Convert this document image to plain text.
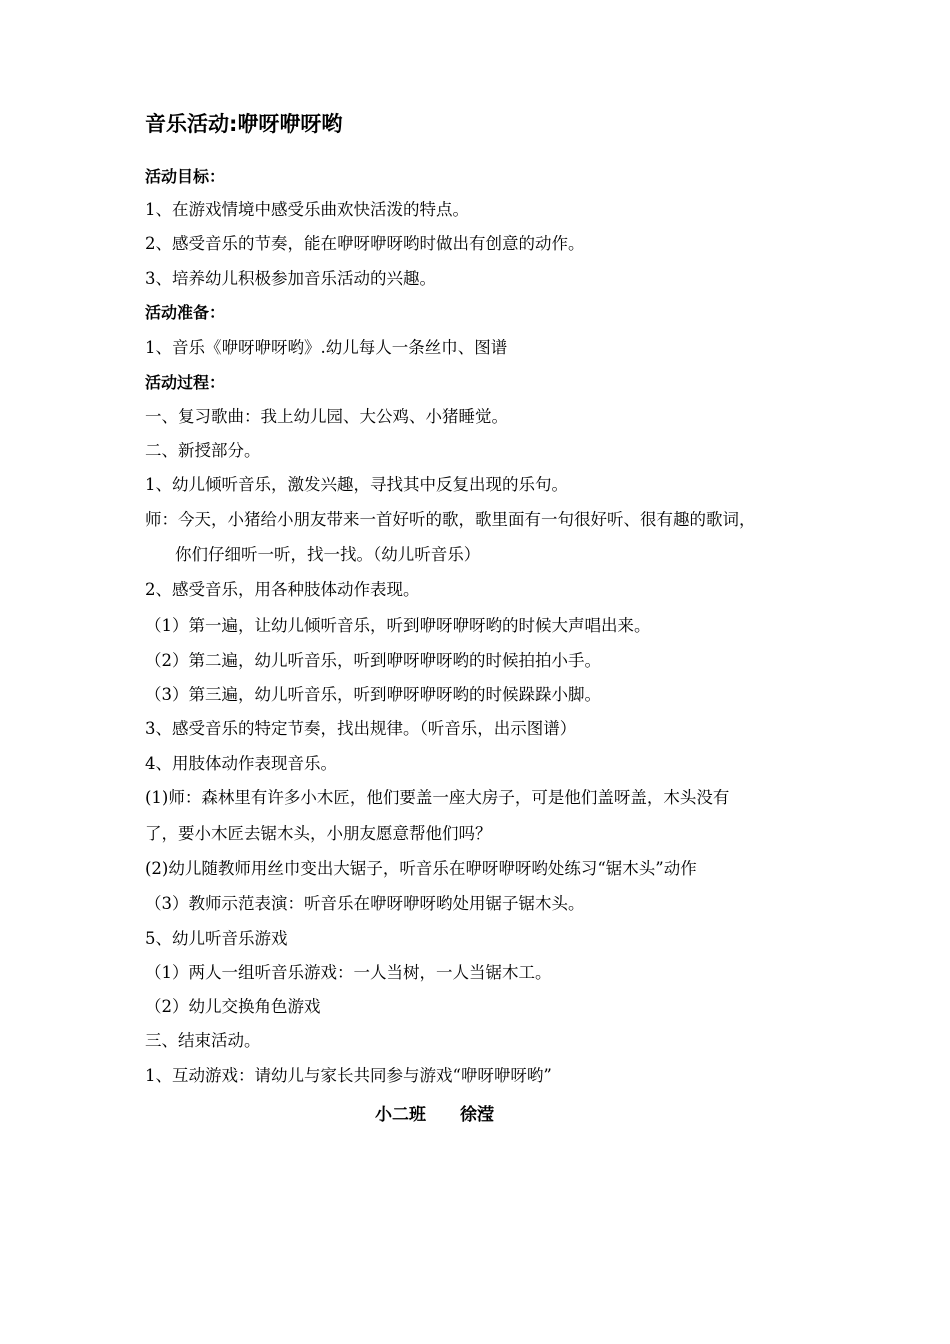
音乐活动:咿呀咿呀哟
活动目标：
1、在游戏情境中感受乐曲欢快活泼的特点。
2、感受音乐的节奏，能在咿呀咿呀哟时做出有创意的动作。
3、培养幼儿积极参加音乐活动的兴趣。
活动准备：
1、音乐《咿呀咿呀哟》.幼儿每人一条丝巾、图谱
活动过程：
一、复习歌曲：我上幼儿园、大公鸡、小猪睡觉。
二、新授部分。
1、幼儿倾听音乐，激发兴趣，寻找其中反复出现的乐句。
师：今天，小猪给小朋友带来一首好听的歌，歌里面有一句很好听、很有趣的歌词，
你们仔细听一听，找一找。（幼儿听音乐）
2、感受音乐，用各种肢体动作表现。
（1）第一遍，让幼儿倾听音乐，听到咿呀咿呀哟的时候大声唱出来。
（2）第二遍，幼儿听音乐，听到咿呀咿呀哟的时候拍拍小手。
（3）第三遍，幼儿听音乐，听到咿呀咿呀哟的时候跺跺小脚。
3、感受音乐的特定节奏，找出规律。（听音乐，出示图谱）
4、用肢体动作表现音乐。
(1)师：森林里有许多小木匠，他们要盖一座大房子，可是他们盖呀盖，木头没有
了，要小木匠去锯木头，小朋友愿意帮他们吗？
(2)幼儿随教师用丝巾变出大锯子，听音乐在咿呀咿呀哟处练习“锯木头”动作
（3）教师示范表演：听音乐在咿呀咿呀哟处用锯子锯木头。
5、幼儿听音乐游戏
（1）两人一组听音乐游戏：一人当树，一人当锯木工。
（2）幼儿交换角色游戏
三、结束活动。
1、互动游戏：请幼儿与家长共同参与游戏“咿呀咿呀哟”
小二班 徐滢
